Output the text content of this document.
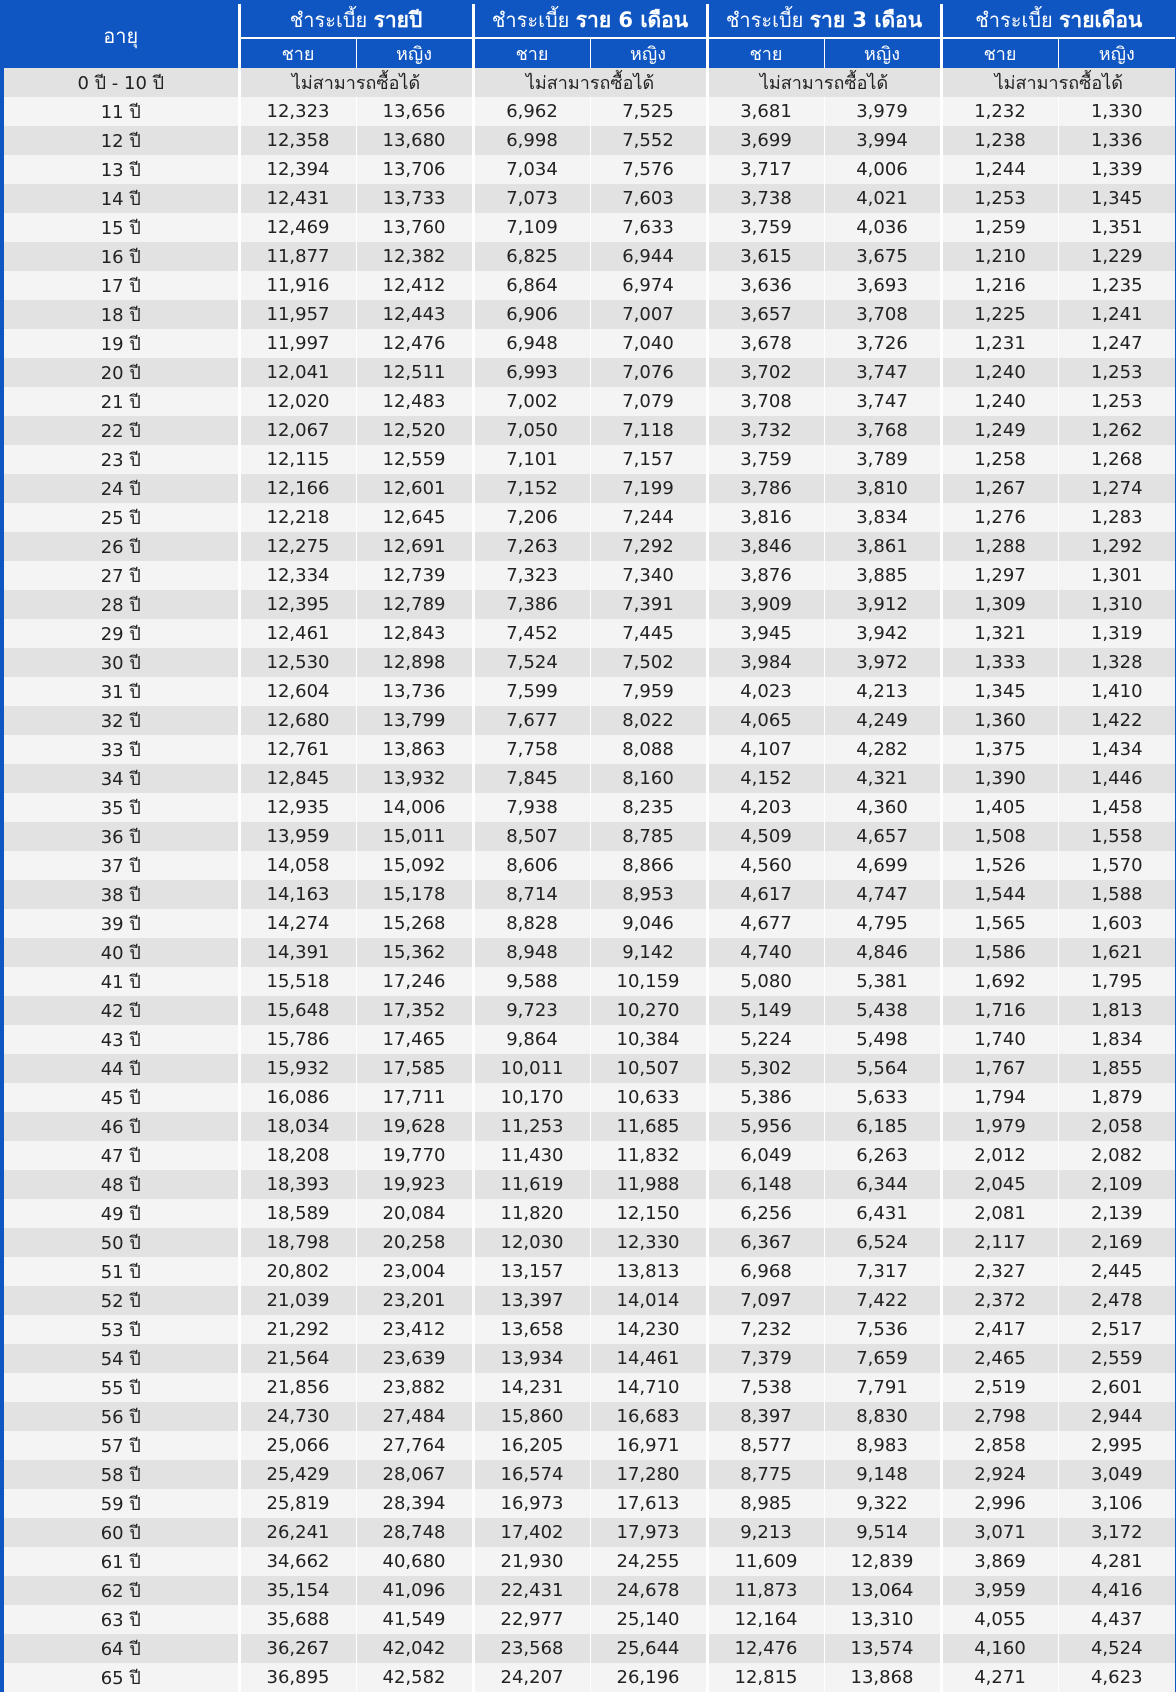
อายุ	ชำระเบี้ย รายปี		ชำระเบี้ย ราย 6 เดือน		ชำระเบี้ย ราย 3 เดือน		ชำระเบี้ย รายเดือน	
	ชาย	หญิง	ชาย	หญิง	ชาย	หญิง	ชาย	หญิง
0 ปี - 10 ปี	ไม่สามารถซื้อได้		ไม่สามารถซื้อได้		ไม่สามารถซื้อได้		ไม่สามารถซื้อได้	
11 ปี	12,323	13,656	6,962	7,525	3,681	3,979	1,232	1,330
12 ปี	12,358	13,680	6,998	7,552	3,699	3,994	1,238	1,336
13 ปี	12,394	13,706	7,034	7,576	3,717	4,006	1,244	1,339
14 ปี	12,431	13,733	7,073	7,603	3,738	4,021	1,253	1,345
15 ปี	12,469	13,760	7,109	7,633	3,759	4,036	1,259	1,351
16 ปี	11,877	12,382	6,825	6,944	3,615	3,675	1,210	1,229
17 ปี	11,916	12,412	6,864	6,974	3,636	3,693	1,216	1,235
18 ปี	11,957	12,443	6,906	7,007	3,657	3,708	1,225	1,241
19 ปี	11,997	12,476	6,948	7,040	3,678	3,726	1,231	1,247
20 ปี	12,041	12,511	6,993	7,076	3,702	3,747	1,240	1,253
21 ปี	12,020	12,483	7,002	7,079	3,708	3,747	1,240	1,253
22 ปี	12,067	12,520	7,050	7,118	3,732	3,768	1,249	1,262
23 ปี	12,115	12,559	7,101	7,157	3,759	3,789	1,258	1,268
24 ปี	12,166	12,601	7,152	7,199	3,786	3,810	1,267	1,274
25 ปี	12,218	12,645	7,206	7,244	3,816	3,834	1,276	1,283
26 ปี	12,275	12,691	7,263	7,292	3,846	3,861	1,288	1,292
27 ปี	12,334	12,739	7,323	7,340	3,876	3,885	1,297	1,301
28 ปี	12,395	12,789	7,386	7,391	3,909	3,912	1,309	1,310
29 ปี	12,461	12,843	7,452	7,445	3,945	3,942	1,321	1,319
30 ปี	12,530	12,898	7,524	7,502	3,984	3,972	1,333	1,328
31 ปี	12,604	13,736	7,599	7,959	4,023	4,213	1,345	1,410
32 ปี	12,680	13,799	7,677	8,022	4,065	4,249	1,360	1,422
33 ปี	12,761	13,863	7,758	8,088	4,107	4,282	1,375	1,434
34 ปี	12,845	13,932	7,845	8,160	4,152	4,321	1,390	1,446
35 ปี	12,935	14,006	7,938	8,235	4,203	4,360	1,405	1,458
36 ปี	13,959	15,011	8,507	8,785	4,509	4,657	1,508	1,558
37 ปี	14,058	15,092	8,606	8,866	4,560	4,699	1,526	1,570
38 ปี	14,163	15,178	8,714	8,953	4,617	4,747	1,544	1,588
39 ปี	14,274	15,268	8,828	9,046	4,677	4,795	1,565	1,603
40 ปี	14,391	15,362	8,948	9,142	4,740	4,846	1,586	1,621
41 ปี	15,518	17,246	9,588	10,159	5,080	5,381	1,692	1,795
42 ปี	15,648	17,352	9,723	10,270	5,149	5,438	1,716	1,813
43 ปี	15,786	17,465	9,864	10,384	5,224	5,498	1,740	1,834
44 ปี	15,932	17,585	10,011	10,507	5,302	5,564	1,767	1,855
45 ปี	16,086	17,711	10,170	10,633	5,386	5,633	1,794	1,879
46 ปี	18,034	19,628	11,253	11,685	5,956	6,185	1,979	2,058
47 ปี	18,208	19,770	11,430	11,832	6,049	6,263	2,012	2,082
48 ปี	18,393	19,923	11,619	11,988	6,148	6,344	2,045	2,109
49 ปี	18,589	20,084	11,820	12,150	6,256	6,431	2,081	2,139
50 ปี	18,798	20,258	12,030	12,330	6,367	6,524	2,117	2,169
51 ปี	20,802	23,004	13,157	13,813	6,968	7,317	2,327	2,445
52 ปี	21,039	23,201	13,397	14,014	7,097	7,422	2,372	2,478
53 ปี	21,292	23,412	13,658	14,230	7,232	7,536	2,417	2,517
54 ปี	21,564	23,639	13,934	14,461	7,379	7,659	2,465	2,559
55 ปี	21,856	23,882	14,231	14,710	7,538	7,791	2,519	2,601
56 ปี	24,730	27,484	15,860	16,683	8,397	8,830	2,798	2,944
57 ปี	25,066	27,764	16,205	16,971	8,577	8,983	2,858	2,995
58 ปี	25,429	28,067	16,574	17,280	8,775	9,148	2,924	3,049
59 ปี	25,819	28,394	16,973	17,613	8,985	9,322	2,996	3,106
60 ปี	26,241	28,748	17,402	17,973	9,213	9,514	3,071	3,172
61 ปี	34,662	40,680	21,930	24,255	11,609	12,839	3,869	4,281
62 ปี	35,154	41,096	22,431	24,678	11,873	13,064	3,959	4,416
63 ปี	35,688	41,549	22,977	25,140	12,164	13,310	4,055	4,437
64 ปี	36,267	42,042	23,568	25,644	12,476	13,574	4,160	4,524
65 ปี	36,895	42,582	24,207	26,196	12,815	13,868	4,271	4,623
